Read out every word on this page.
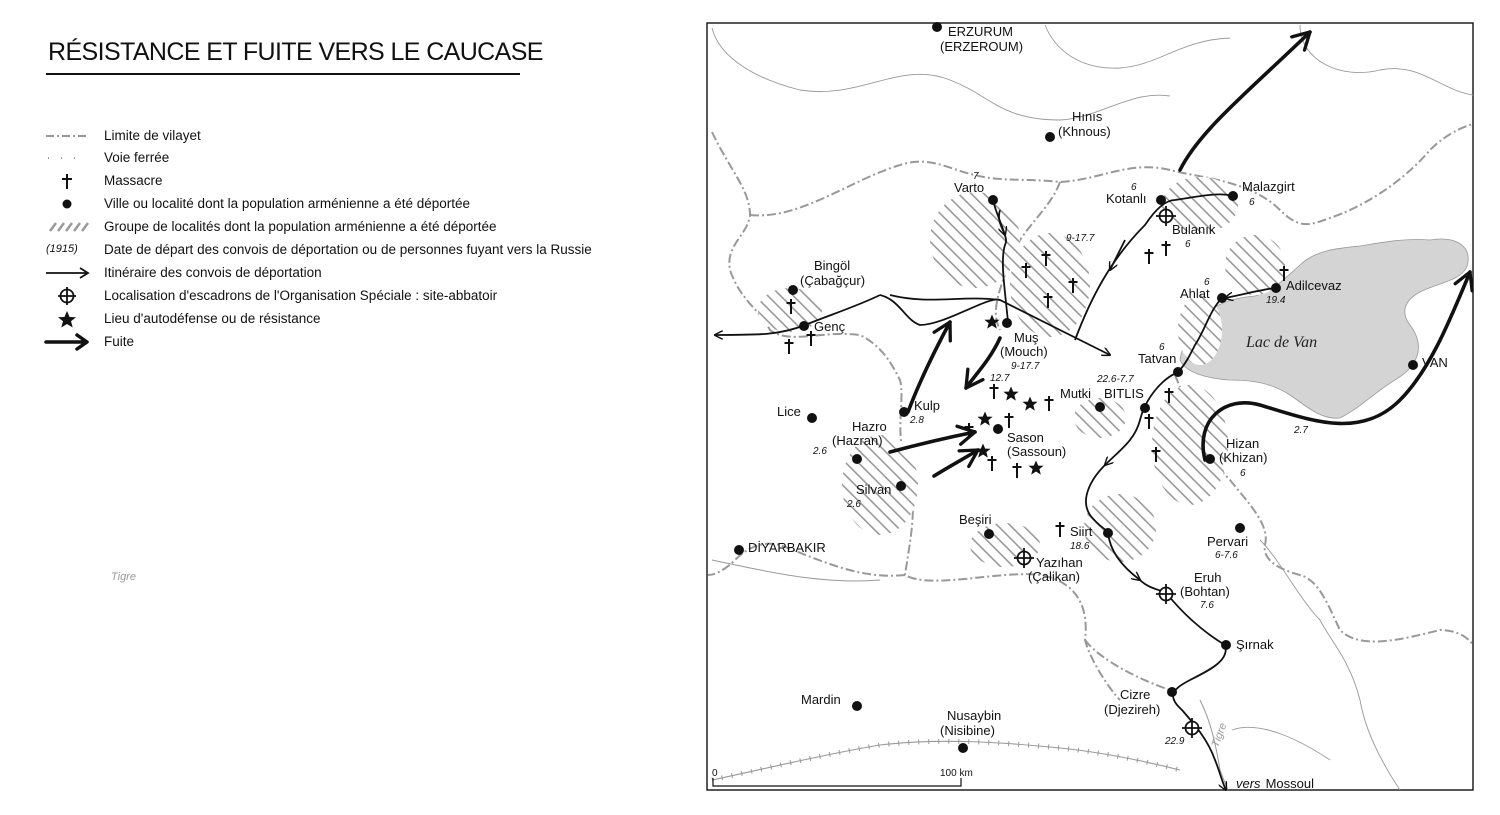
RÉSISTANCE ET FUITE VERS LE CAUCASE
Limite de vilayet
Voie ferrée
Massacre
Ville ou localité dont la population arménienne a été déportée
Groupe de localités dont la population arménienne a été déportée
(1915)	Date de départ des convois de déportation ou de personnes fuyant vers la Russie
Itinéraire des convois de déportation
Localisation d'escadrons de l'Organisation Spéciale : site-abbatoir
Lieu d'autodéfense ou de résistance
Fuite
Tigre
Tigre
Lac de Van
ERZURUM (ERZEROUM)
Hınıs (Khnous)
Varto
Kotanlı
Malazgirt
Bulanık
Bingöl (Çabağçur)
Genç
Ahlat
Adilcevaz
Muş (Mouch)	Tatvan	VAN
Kulp
Lice
Mutki BITLIS
Hazro (Hazran)	Sason (Sassoun)
Hizan (Khizan)
Silvan
Beşiri
Siirt
Pervari
DİYARBAKIR
Yazıhan (Çalikan)	Eruh (Bohtan)
Şırnak
Mardin	Cizre (Djezireh)
Nusaybin (Nisibine)
7
6
6
6
9-17.7
6
19.4
6
9-17.7
12.7	22.6-7.7
2.8
2.6
2.7
6
2.6
18.6
6-7.6
7.6
22.9
vers Mossoul
0	100 km
